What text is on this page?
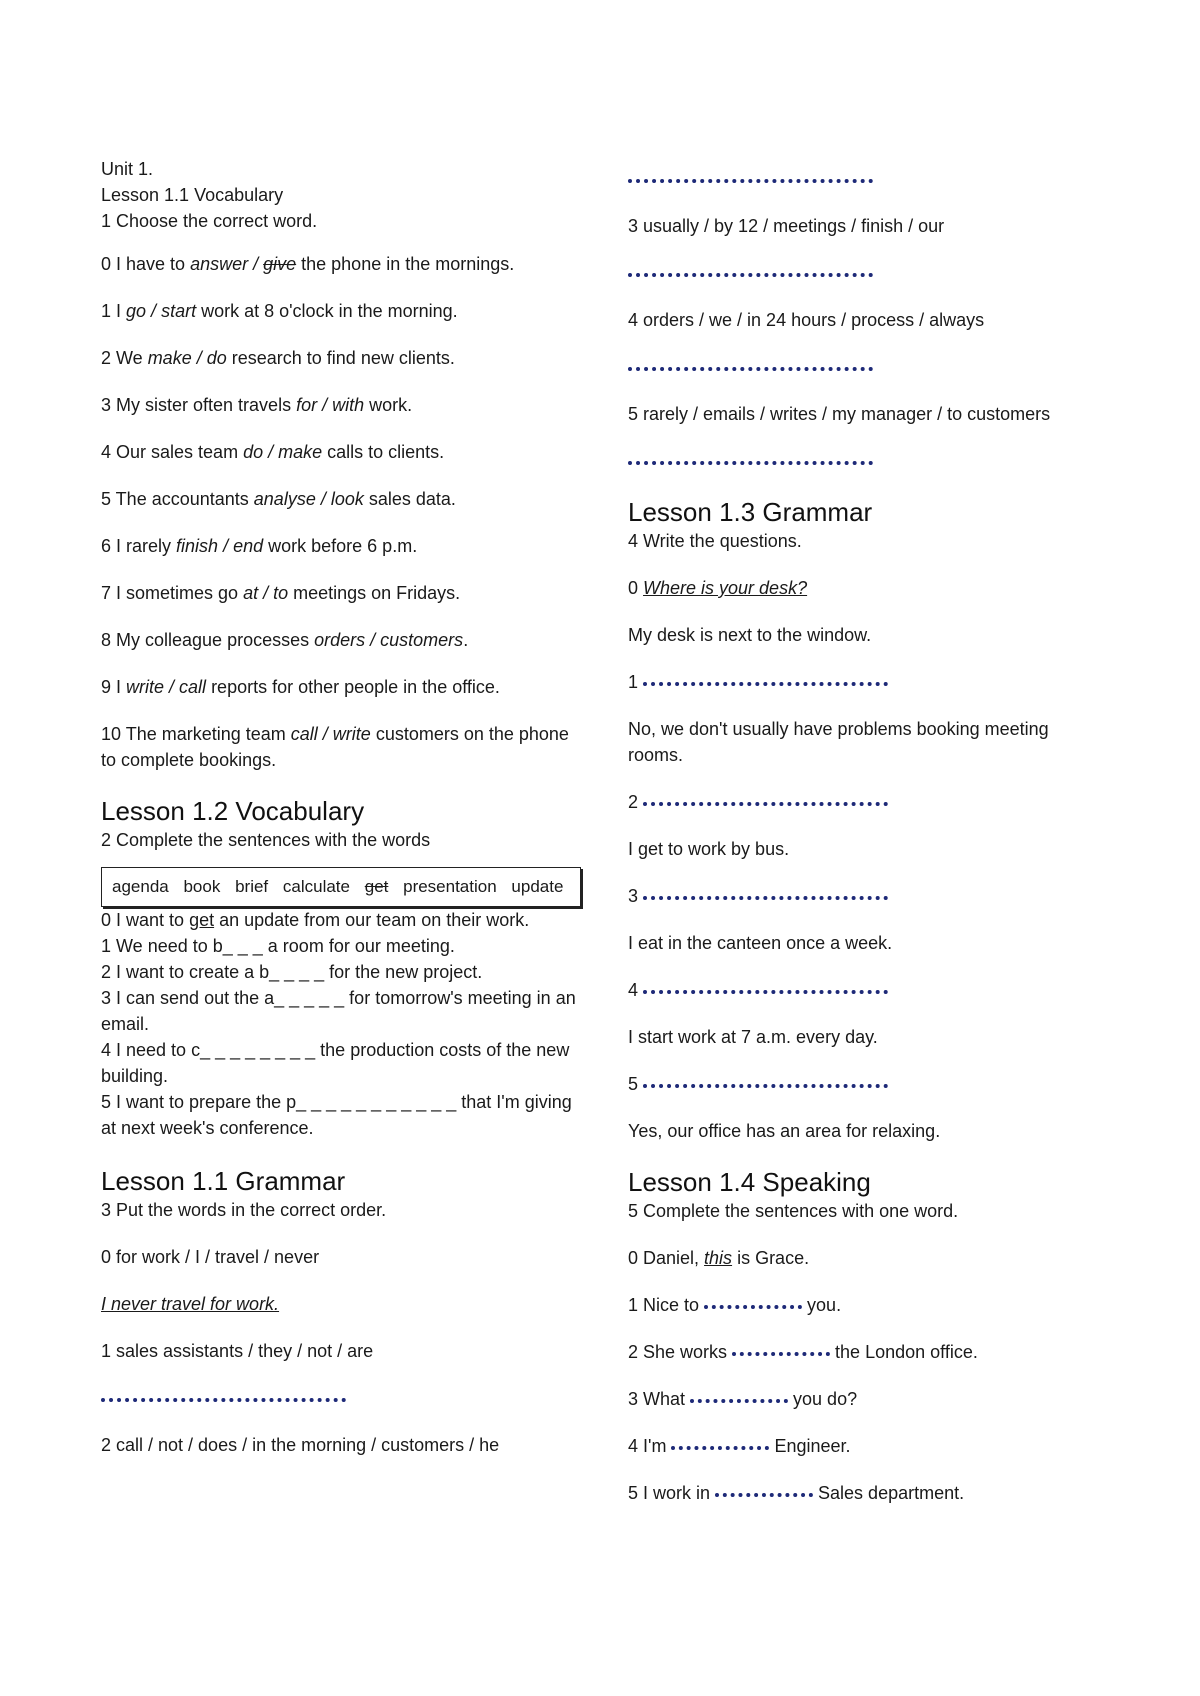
Unit 1.

Lesson 1.1 Vocabulary

1 Choose the correct word.

0 I have to answer / give the phone in the mornings.

1 I go / start work at 8 o'clock in the morning.

2 We make / do research to find new clients.

3 My sister often travels for / with work.

4 Our sales team do / make calls to clients.

5 The accountants analyse / look sales data.

6 I rarely finish / end work before 6 p.m.

7 I sometimes go at / to meetings on Fridays.

8 My colleague processes orders / customers.

9 I write / call reports for other people in the office.

10 The marketing team call / write customers on the phone to complete bookings.

Lesson 1.2 Vocabulary

2 Complete the sentences with the words

agenda book brief calculate get presentation update

0 I want to get an update from our team on their work.

1 We need to b_ _ _ a room for our meeting.

2 I want to create a b_ _ _ _ for the new project.

3 I can send out the a_ _ _ _ _ for tomorrow's meeting in an email.

4 I need to c_ _ _ _ _ _ _ _ the production costs of the new building.

5 I want to prepare the p_ _ _ _ _ _ _ _ _ _ _ that I'm giving at next week's conference.

Lesson 1.1 Grammar

3 Put the words in the correct order.

0 for work / I / travel / never

I never travel for work.

1 sales assistants / they / not / are

2 call / not / does / in the morning / customers / he

3 usually / by 12 / meetings / finish / our

4 orders / we / in 24 hours / process / always

5 rarely / emails / writes / my manager / to customers

Lesson 1.3 Grammar

4 Write the questions.

0 Where is your desk?

My desk is next to the window.

1

No, we don't usually have problems booking meeting rooms.

2

I get to work by bus.

3

I eat in the canteen once a week.

4

I start work at 7 a.m. every day.

5

Yes, our office has an area for relaxing.

Lesson 1.4 Speaking

5 Complete the sentences with one word.

0 Daniel, this is Grace.

1 Nice to	you.

2 She works	the London office.

3 What	you do?

4 I'm	Engineer.

5 I work in	Sales department.
